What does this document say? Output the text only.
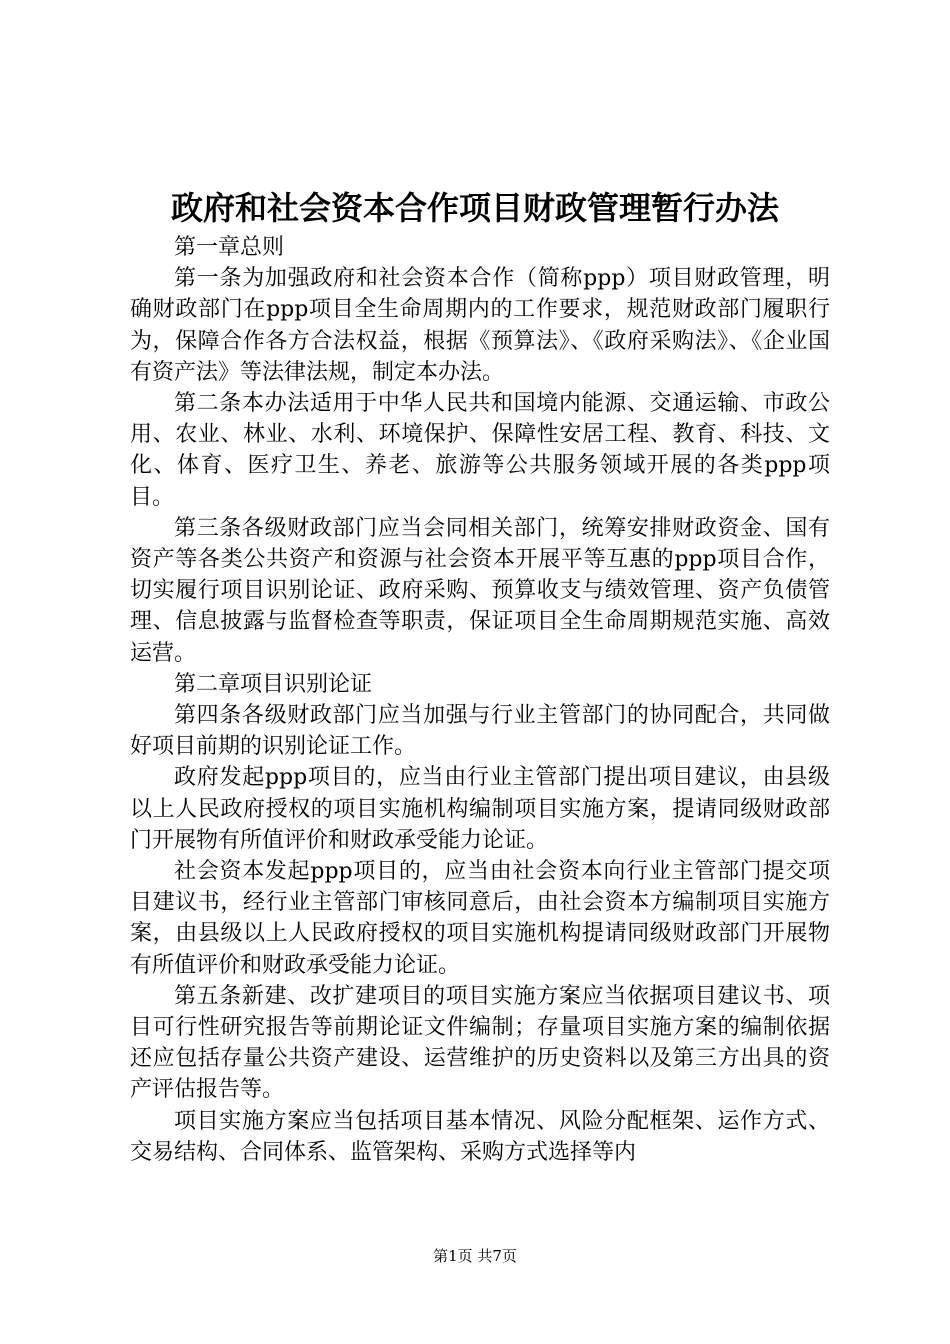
政府和社会资本合作项目财政管理暂行办法

第一章总则

第一条为加强政府和社会资本合作（简称ppp）项目财政管理，明确财政部门在ppp项目全生命周期内的工作要求，规范财政部门履职行为，保障合作各方合法权益，根据《预算法》、《政府采购法》、《企业国有资产法》等法律法规，制定本办法。

第二条本办法适用于中华人民共和国境内能源、交通运输、市政公用、农业、林业、水利、环境保护、保障性安居工程、教育、科技、文化、体育、医疗卫生、养老、旅游等公共服务领域开展的各类ppp项目。

第三条各级财政部门应当会同相关部门，统筹安排财政资金、国有资产等各类公共资产和资源与社会资本开展平等互惠的ppp项目合作，切实履行项目识别论证、政府采购、预算收支与绩效管理、资产负债管理、信息披露与监督检查等职责，保证项目全生命周期规范实施、高效运营。

第二章项目识别论证

第四条各级财政部门应当加强与行业主管部门的协同配合，共同做好项目前期的识别论证工作。

政府发起ppp项目的，应当由行业主管部门提出项目建议，由县级以上人民政府授权的项目实施机构编制项目实施方案，提请同级财政部门开展物有所值评价和财政承受能力论证。

社会资本发起ppp项目的，应当由社会资本向行业主管部门提交项目建议书，经行业主管部门审核同意后，由社会资本方编制项目实施方案，由县级以上人民政府授权的项目实施机构提请同级财政部门开展物有所值评价和财政承受能力论证。

第五条新建、改扩建项目的项目实施方案应当依据项目建议书、项目可行性研究报告等前期论证文件编制；存量项目实施方案的编制依据还应包括存量公共资产建设、运营维护的历史资料以及第三方出具的资产评估报告等。

项目实施方案应当包括项目基本情况、风险分配框架、运作方式、交易结构、合同体系、监管架构、采购方式选择等内

第1页 共7页
